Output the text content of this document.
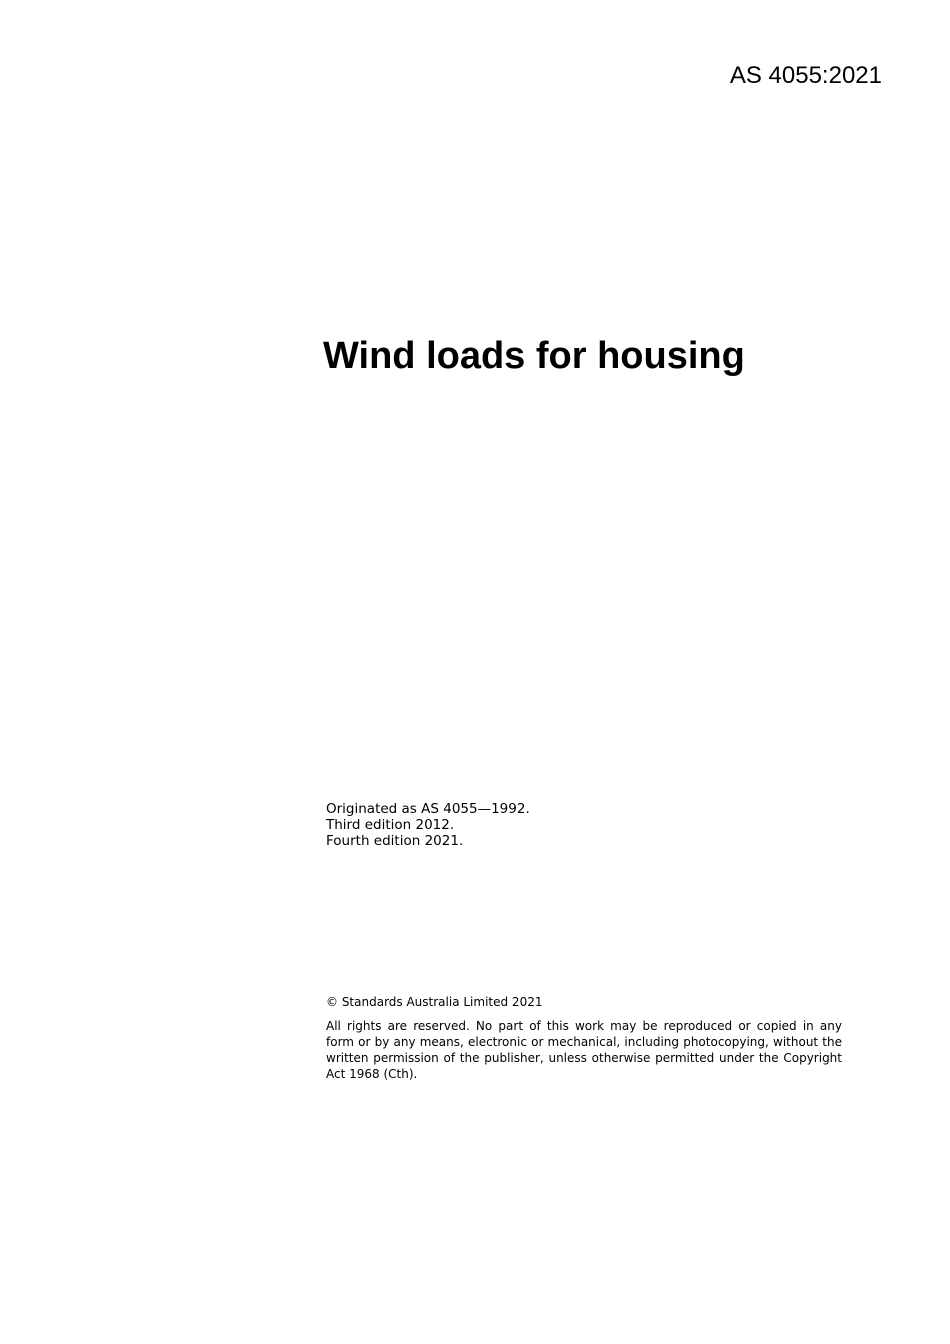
AS 4055:2021
Wind loads for housing
Originated as AS 4055—1992.
Third edition 2012.
Fourth edition 2021.
© Standards Australia Limited 2021
All rights are reserved. No part of this work may be reproduced or copied in any
form or by any means, electronic or mechanical, including photocopying, without the
written permission of the publisher, unless otherwise permitted under the Copyright
Act 1968 (Cth).
